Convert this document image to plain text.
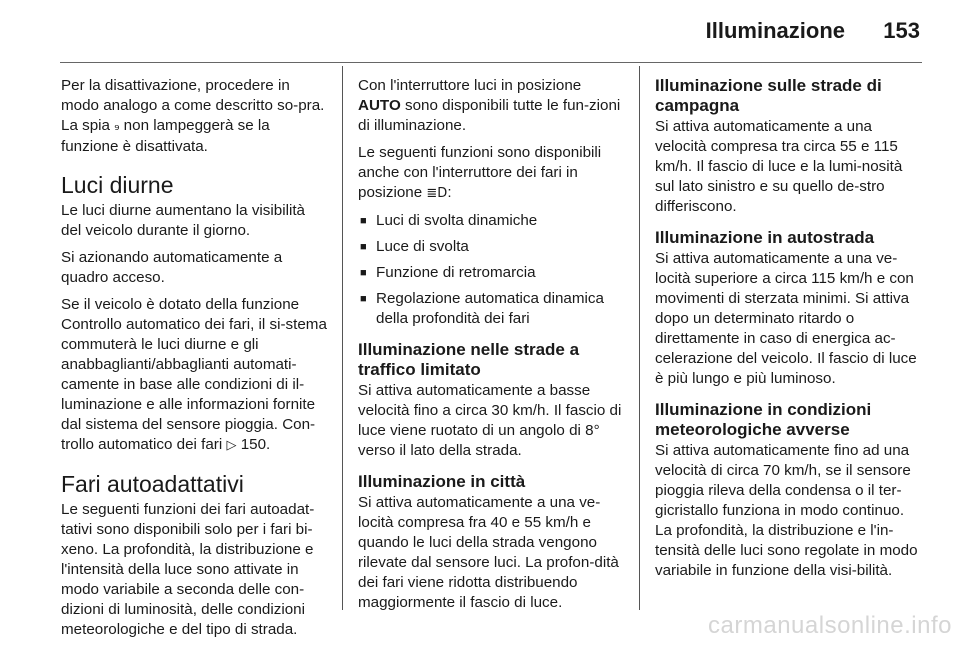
Illuminazione 153

Per la disattivazione, procedere in modo analogo a come descritto so-pra. La spia ₉ non lampeggerà se la funzione è disattivata.

Luci diurne

Le luci diurne aumentano la visibilità del veicolo durante il giorno.

Si azionando automaticamente a quadro acceso.

Se il veicolo è dotato della funzione Controllo automatico dei fari, il si-stema commuterà le luci diurne e gli anabbaglianti/abbaglianti automati-camente in base alle condizioni di il-luminazione e alle informazioni fornite dal sistema del sensore pioggia. Con-trollo automatico dei fari ▷ 150.

Fari autoadattativi

Le seguenti funzioni dei fari autoadat-tativi sono disponibili solo per i fari bi-xeno. La profondità, la distribuzione e l'intensità della luce sono attivate in modo variabile a seconda delle con-dizioni di luminosità, delle condizioni meteorologiche e del tipo di strada.

Con l'interruttore luci in posizione AUTO sono disponibili tutte le fun-zioni di illuminazione.

Le seguenti funzioni sono disponibili anche con l'interruttore dei fari in posizione ≣D:

■ Luci di svolta dinamiche
■ Luce di svolta
■ Funzione di retromarcia
■ Regolazione automatica dinamica della profondità dei fari
Illuminazione nelle strade a traffico limitato

Si attiva automaticamente a basse velocità fino a circa 30 km/h. Il fascio di luce viene ruotato di un angolo di 8° verso il lato della strada.

Illuminazione in città

Si attiva automaticamente a una ve-locità compresa fra 40 e 55 km/h e quando le luci della strada vengono rilevate dal sensore luci. La profon-dità dei fari viene ridotta distribuendo maggiormente il fascio di luce.

Illuminazione sulle strade di campagna

Si attiva automaticamente a una velocità compresa tra circa 55 e 115 km/h. Il fascio di luce e la lumi-nosità sul lato sinistro e su quello de-stro differiscono.

Illuminazione in autostrada

Si attiva automaticamente a una ve-locità superiore a circa 115 km/h e con movimenti di sterzata minimi. Si attiva dopo un determinato ritardo o direttamente in caso di energica ac-celerazione del veicolo. Il fascio di luce è più lungo e più luminoso.

Illuminazione in condizioni meteorologiche avverse

Si attiva automaticamente fino ad una velocità di circa 70 km/h, se il sensore pioggia rileva della condensa o il ter-gicristallo funziona in modo continuo. La profondità, la distribuzione e l'in-tensità delle luci sono regolate in modo variabile in funzione della visi-bilità.

carmanualsonline.info
